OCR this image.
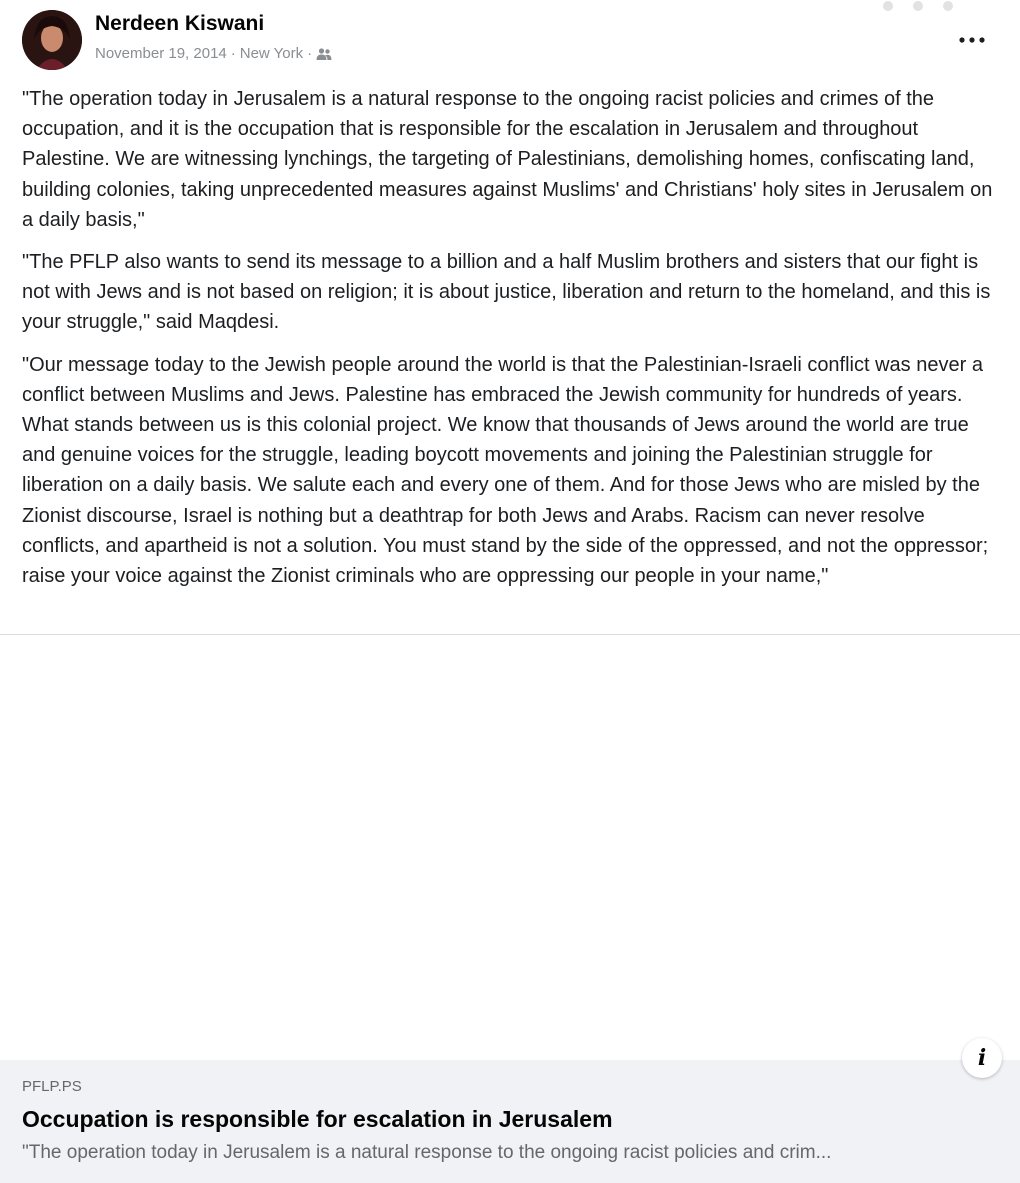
Nerdeen Kiswani
November 19, 2014 · New York ·

"The operation today in Jerusalem is a natural response to the ongoing racist policies and crimes of the occupation, and it is the occupation that is responsible for the escalation in Jerusalem and throughout Palestine. We are witnessing lynchings, the targeting of Palestinians, demolishing homes, confiscating land, building colonies, taking unprecedented measures against Muslims' and Christians' holy sites in Jerusalem on a daily basis,"

"The PFLP also wants to send its message to a billion and a half Muslim brothers and sisters that our fight is not with Jews and is not based on religion; it is about justice, liberation and return to the homeland, and this is your struggle," said Maqdesi.

"Our message today to the Jewish people around the world is that the Palestinian-Israeli conflict was never a conflict between Muslims and Jews. Palestine has embraced the Jewish community for hundreds of years. What stands between us is this colonial project. We know that thousands of Jews around the world are true and genuine voices for the struggle, leading boycott movements and joining the Palestinian struggle for liberation on a daily basis. We salute each and every one of them. And for those Jews who are misled by the Zionist discourse, Israel is nothing but a deathtrap for both Jews and Arabs. Racism can never resolve conflicts, and apartheid is not a solution. You must stand by the side of the oppressed, and not the oppressor; raise your voice against the Zionist criminals who are oppressing our people in your name,"

i
PFLP.PS
Occupation is responsible for escalation in Jerusalem
"The operation today in Jerusalem is a natural response to the ongoing racist policies and crim...
